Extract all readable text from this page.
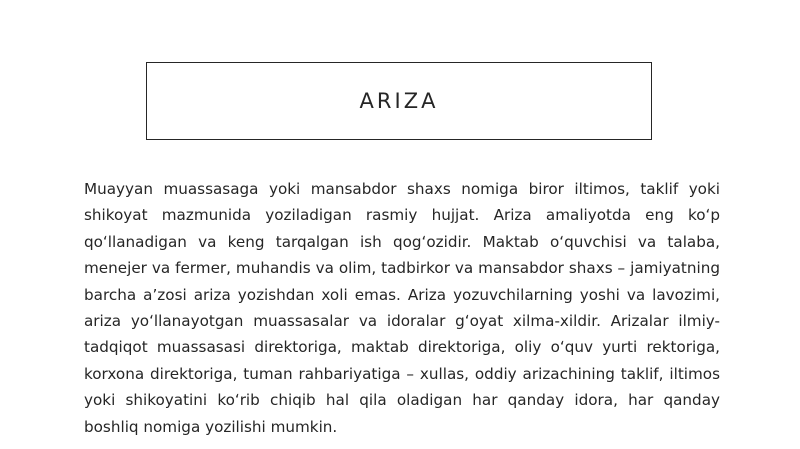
ARIZA

Muayyan muassasaga yoki mansabdor shaxs nomiga biror iltimos, taklif yoki shikoyat mazmunida yoziladigan rasmiy hujjat. Ariza amaliyotda eng koʻp qoʻllanadigan va keng tarqalgan ish qogʻozidir. Maktab oʻquvchisi va talaba, menejer va fermer, muhandis va olim, tadbirkor va mansabdor shaxs – jamiyatning barcha aʼzosi ariza yozishdan xoli emas. Ariza yozuvchilarning yoshi va lavozimi, ariza yoʻllanayotgan muassasalar va idoralar gʻoyat xilma-xildir. Arizalar ilmiy-tadqiqot muassasasi direktoriga, maktab direktoriga, oliy oʻquv yurti rektoriga, korxona direktoriga, tuman rahbariyatiga – xullas, oddiy arizachining taklif, iltimos yoki shikoyatini koʻrib chiqib hal qila oladigan har qanday idora, har qanday boshliq nomiga yozilishi mumkin.
